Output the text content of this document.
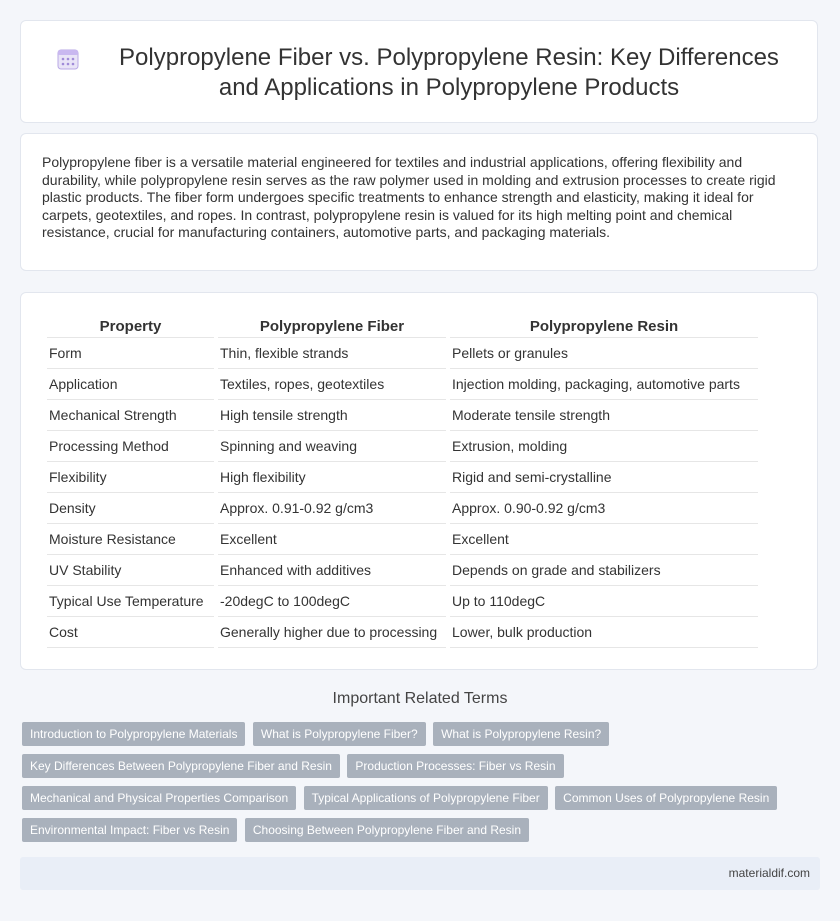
Polypropylene Fiber vs. Polypropylene Resin: Key Differences and Applications in Polypropylene Products

Polypropylene fiber is a versatile material engineered for textiles and industrial applications, offering flexibility and durability, while polypropylene resin serves as the raw polymer used in molding and extrusion processes to create rigid plastic products. The fiber form undergoes specific treatments to enhance strength and elasticity, making it ideal for carpets, geotextiles, and ropes. In contrast, polypropylene resin is valued for its high melting point and chemical resistance, crucial for manufacturing containers, automotive parts, and packaging materials.

Property	Polypropylene Fiber	Polypropylene Resin
Form	Thin, flexible strands	Pellets or granules
Application	Textiles, ropes, geotextiles	Injection molding, packaging, automotive parts
Mechanical Strength	High tensile strength	Moderate tensile strength
Processing Method	Spinning and weaving	Extrusion, molding
Flexibility	High flexibility	Rigid and semi-crystalline
Density	Approx. 0.91-0.92 g/cm3	Approx. 0.90-0.92 g/cm3
Moisture Resistance	Excellent	Excellent
UV Stability	Enhanced with additives	Depends on grade and stabilizers
Typical Use Temperature	-20degC to 100degC	Up to 110degC
Cost	Generally higher due to processing	Lower, bulk production
Important Related Terms
Introduction to Polypropylene Materials What is Polypropylene Fiber? What is Polypropylene Resin?
Key Differences Between Polypropylene Fiber and Resin Production Processes: Fiber vs Resin
Mechanical and Physical Properties Comparison Typical Applications of Polypropylene Fiber Common Uses of Polypropylene Resin
Environmental Impact: Fiber vs Resin Choosing Between Polypropylene Fiber and Resin
materialdif.com
